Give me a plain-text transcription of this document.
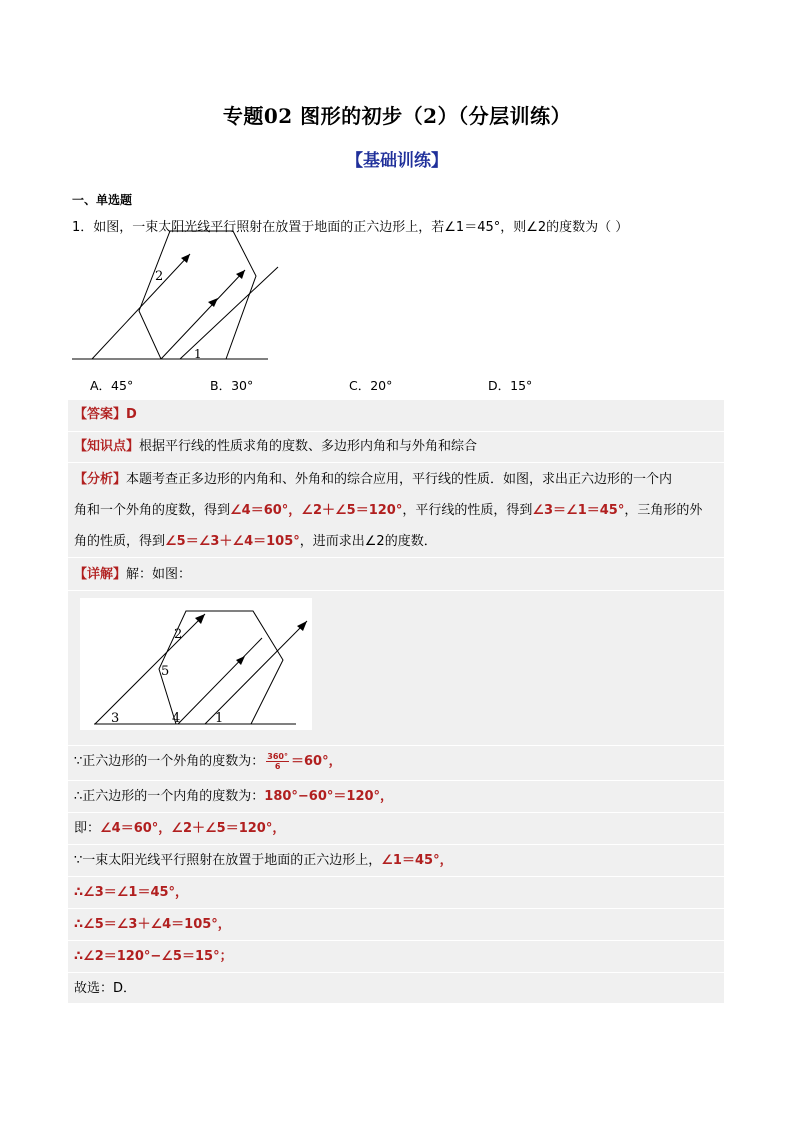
专题02 图形的初步（2）（分层训练）
【基础训练】
一、单选题
1．如图，一束太阳光线平行照射在放置于地面的正六边形上，若∠1＝45°，则∠2的度数为（ ）
2
1
A．45°	B．30°	C．20°	D．15°
【答案】D
【知识点】根据平行线的性质求角的度数、多边形内角和与外角和综合
【分析】本题考查正多边形的内角和、外角和的综合应用，平行线的性质．如图，求出正六边形的一个内
角和一个外角的度数，得到∠4＝60°，∠2＋∠5＝120°，平行线的性质，得到∠3＝∠1＝45°，三角形的外
角的性质，得到∠5＝∠3＋∠4＝105°，进而求出∠2的度数．
【详解】解：如图：
2
5
3	4	1
∵正六边形的一个外角的度数为： $\frac{360^\circ}{6} =60^\circ$，
∴正六边形的一个内角的度数为：180°−60°＝120°，
即：∠4＝60°，∠2＋∠5＝120°，
∵一束太阳光线平行照射在放置于地面的正六边形上，∠1＝45°，
∴∠3＝∠1＝45°，
∴∠5＝∠3＋∠4＝105°，
∴∠2＝120°−∠5＝15°；
故选：D．
